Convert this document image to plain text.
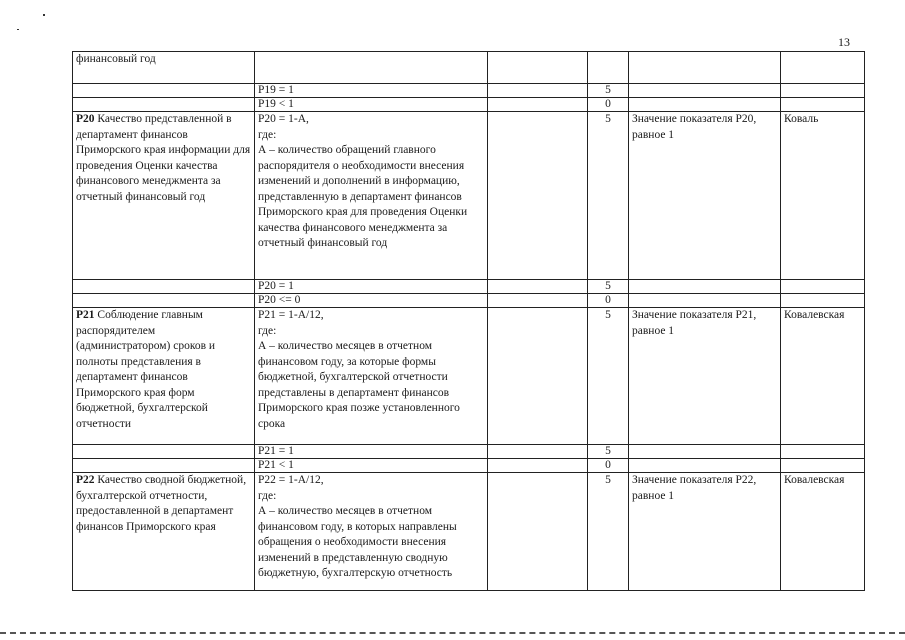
13
финансовый год					
	P19 = 1		5		
	P19 < 1		0		
P20 Качество представленной в департамент финансов Приморского края информации для проведения Оценки качества финансового менеджмента за отчетный финансовый год	P20 = 1-A,
где:
А – количество обращений главного распорядителя о необходимости внесения изменений и дополнений в информацию, представленную в департамент финансов Приморского края для проведения Оценки качества финансового менеджмента за отчетный финансовый год		5	Значение показателя P20, равное 1	Коваль
	P20 = 1		5		
	P20 <= 0		0		
P21 Соблюдение главным распорядителем (администратором) сроков и полноты представления в департамент финансов Приморского края форм бюджетной, бухгалтерской отчетности	P21 = 1-A/12,
где:
А – количество месяцев в отчетном финансовом году, за которые формы бюджетной, бухгалтерской отчетности представлены в департамент финансов Приморского края позже установленного срока		5	Значение показателя P21, равное 1	Ковалевская
	P21 = 1		5		
	P21 < 1		0		
P22 Качество сводной бюджетной, бухгалтерской отчетности, предоставленной в департамент финансов Приморского края	P22 = 1-A/12,
где:
А – количество месяцев в отчетном финансовом году, в которых направлены обращения о необходимости внесения изменений в представленную сводную бюджетную, бухгалтерскую отчетность		5	Значение показателя P22, равное 1	Ковалевская
